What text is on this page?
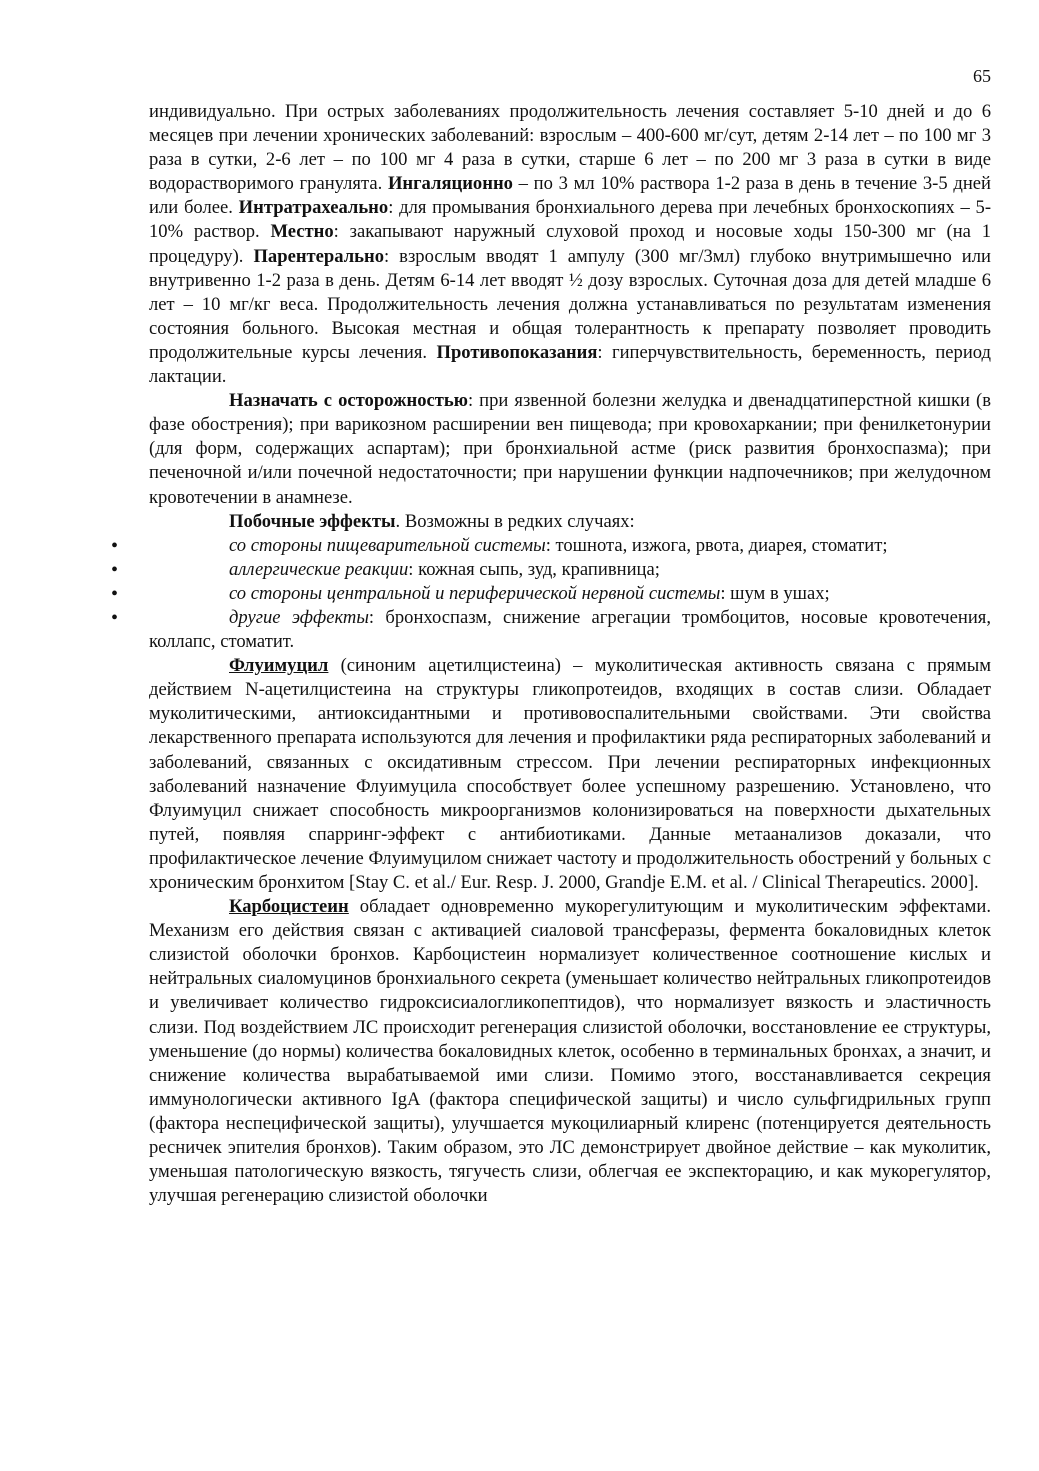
65

индивидуально. При острых заболеваниях продолжительность лечения составляет 5-10 дней и до 6 месяцев при лечении хронических заболеваний: взрослым – 400-600 мг/сут, детям 2-14 лет – по 100 мг 3 раза в сутки, 2-6 лет – по 100 мг 4 раза в сутки, старше 6 лет – по 200 мг 3 раза в сутки в виде водорастворимого гранулята. Ингаляционно – по 3 мл 10% раствора 1-2 раза в день в течение 3-5 дней или более. Интратрахеально: для промывания бронхиального дерева при лечебных бронхоскопиях – 5-10% раствор. Местно: закапывают наружный слуховой проход и носовые ходы 150-300 мг (на 1 процедуру). Парентерально: взрослым вводят 1 ампулу (300 мг/3мл) глубоко внутримышечно или внутривенно 1-2 раза в день. Детям 6-14 лет вводят ½ дозу взрослых. Суточная доза для детей младше 6 лет – 10 мг/кг веса. Продолжительность лечения должна устанавливаться по результатам изменения состояния больного. Высокая местная и общая толерантность к препарату позволяет проводить продолжительные курсы лечения. Противопоказания: гиперчувствительность, беременность, период лактации.

Назначать с осторожностью: при язвенной болезни желудка и двенадцатиперстной кишки (в фазе обострения); при варикозном расширении вен пищевода; при кровохаркании; при фенилкетонурии (для форм, содержащих аспартам); при бронхиальной астме (риск развития бронхоспазма); при печеночной и/или почечной недостаточности; при нарушении функции надпочечников; при желудочном кровотечении в анамнезе.

Побочные эффекты. Возможны в редких случаях:

• со стороны пищеварительной системы: тошнота, изжога, рвота, диарея, стоматит;
• аллергические реакции: кожная сыпь, зуд, крапивница;
• со стороны центральной и периферической нервной системы: шум в ушах;
• другие эффекты: бронхоспазм, снижение агрегации тромбоцитов, носовые кровотечения, коллапс, стоматит.

Флуимуцил (синоним ацетилцистеина) – муколитическая активность связана с прямым действием N-ацетилцистеина на структуры гликопротеидов, входящих в состав слизи. Обладает муколитическими, антиоксидантными и противовоспалительными свойствами. Эти свойства лекарственного препарата используются для лечения и профилактики ряда респираторных заболеваний и заболеваний, связанных с оксидативным стрессом. При лечении респираторных инфекционных заболеваний назначение Флуимуцила способствует более успешному разрешению. Установлено, что Флуимуцил снижает способность микроорганизмов колонизироваться на поверхности дыхательных путей, появляя спарринг-эффект с антибиотиками. Данные метаанализов доказали, что профилактическое лечение Флуимуцилом снижает частоту и продолжительность обострений у больных с хроническим бронхитом [Stay C. et al./ Eur. Resp. J. 2000, Grandje E.M. et al. / Clinical Therapeutics. 2000].

Карбоцистеин обладает одновременно мукорегулитующим и муколитическим эффектами. Механизм его действия связан с активацией сиаловой трансферазы, фермента бокаловидных клеток слизистой оболочки бронхов. Карбоцистеин нормализует количественное соотношение кислых и нейтральных сиаломуцинов бронхиального секрета (уменьшает количество нейтральных гликопротеидов и увеличивает количество гидроксисиалогликопептидов), что нормализует вязкость и эластичность слизи. Под воздействием ЛС происходит регенерация слизистой оболочки, восстановление ее структуры, уменьшение (до нормы) количества бокаловидных клеток, особенно в терминальных бронхах, а значит, и снижение количества вырабатываемой ими слизи. Помимо этого, восстанавливается секреция иммунологически активного IgA (фактора специфической защиты) и число сульфгидрильных групп (фактора неспецифической защиты), улучшается мукоцилиарный клиренс (потенцируется деятельность ресничек эпителия бронхов). Таким образом, это ЛС демонстрирует двойное действие – как муколитик, уменьшая патологическую вязкость, тягучесть слизи, облегчая ее экспекторацию, и как мукорегулятор, улучшая регенерацию слизистой оболочки
